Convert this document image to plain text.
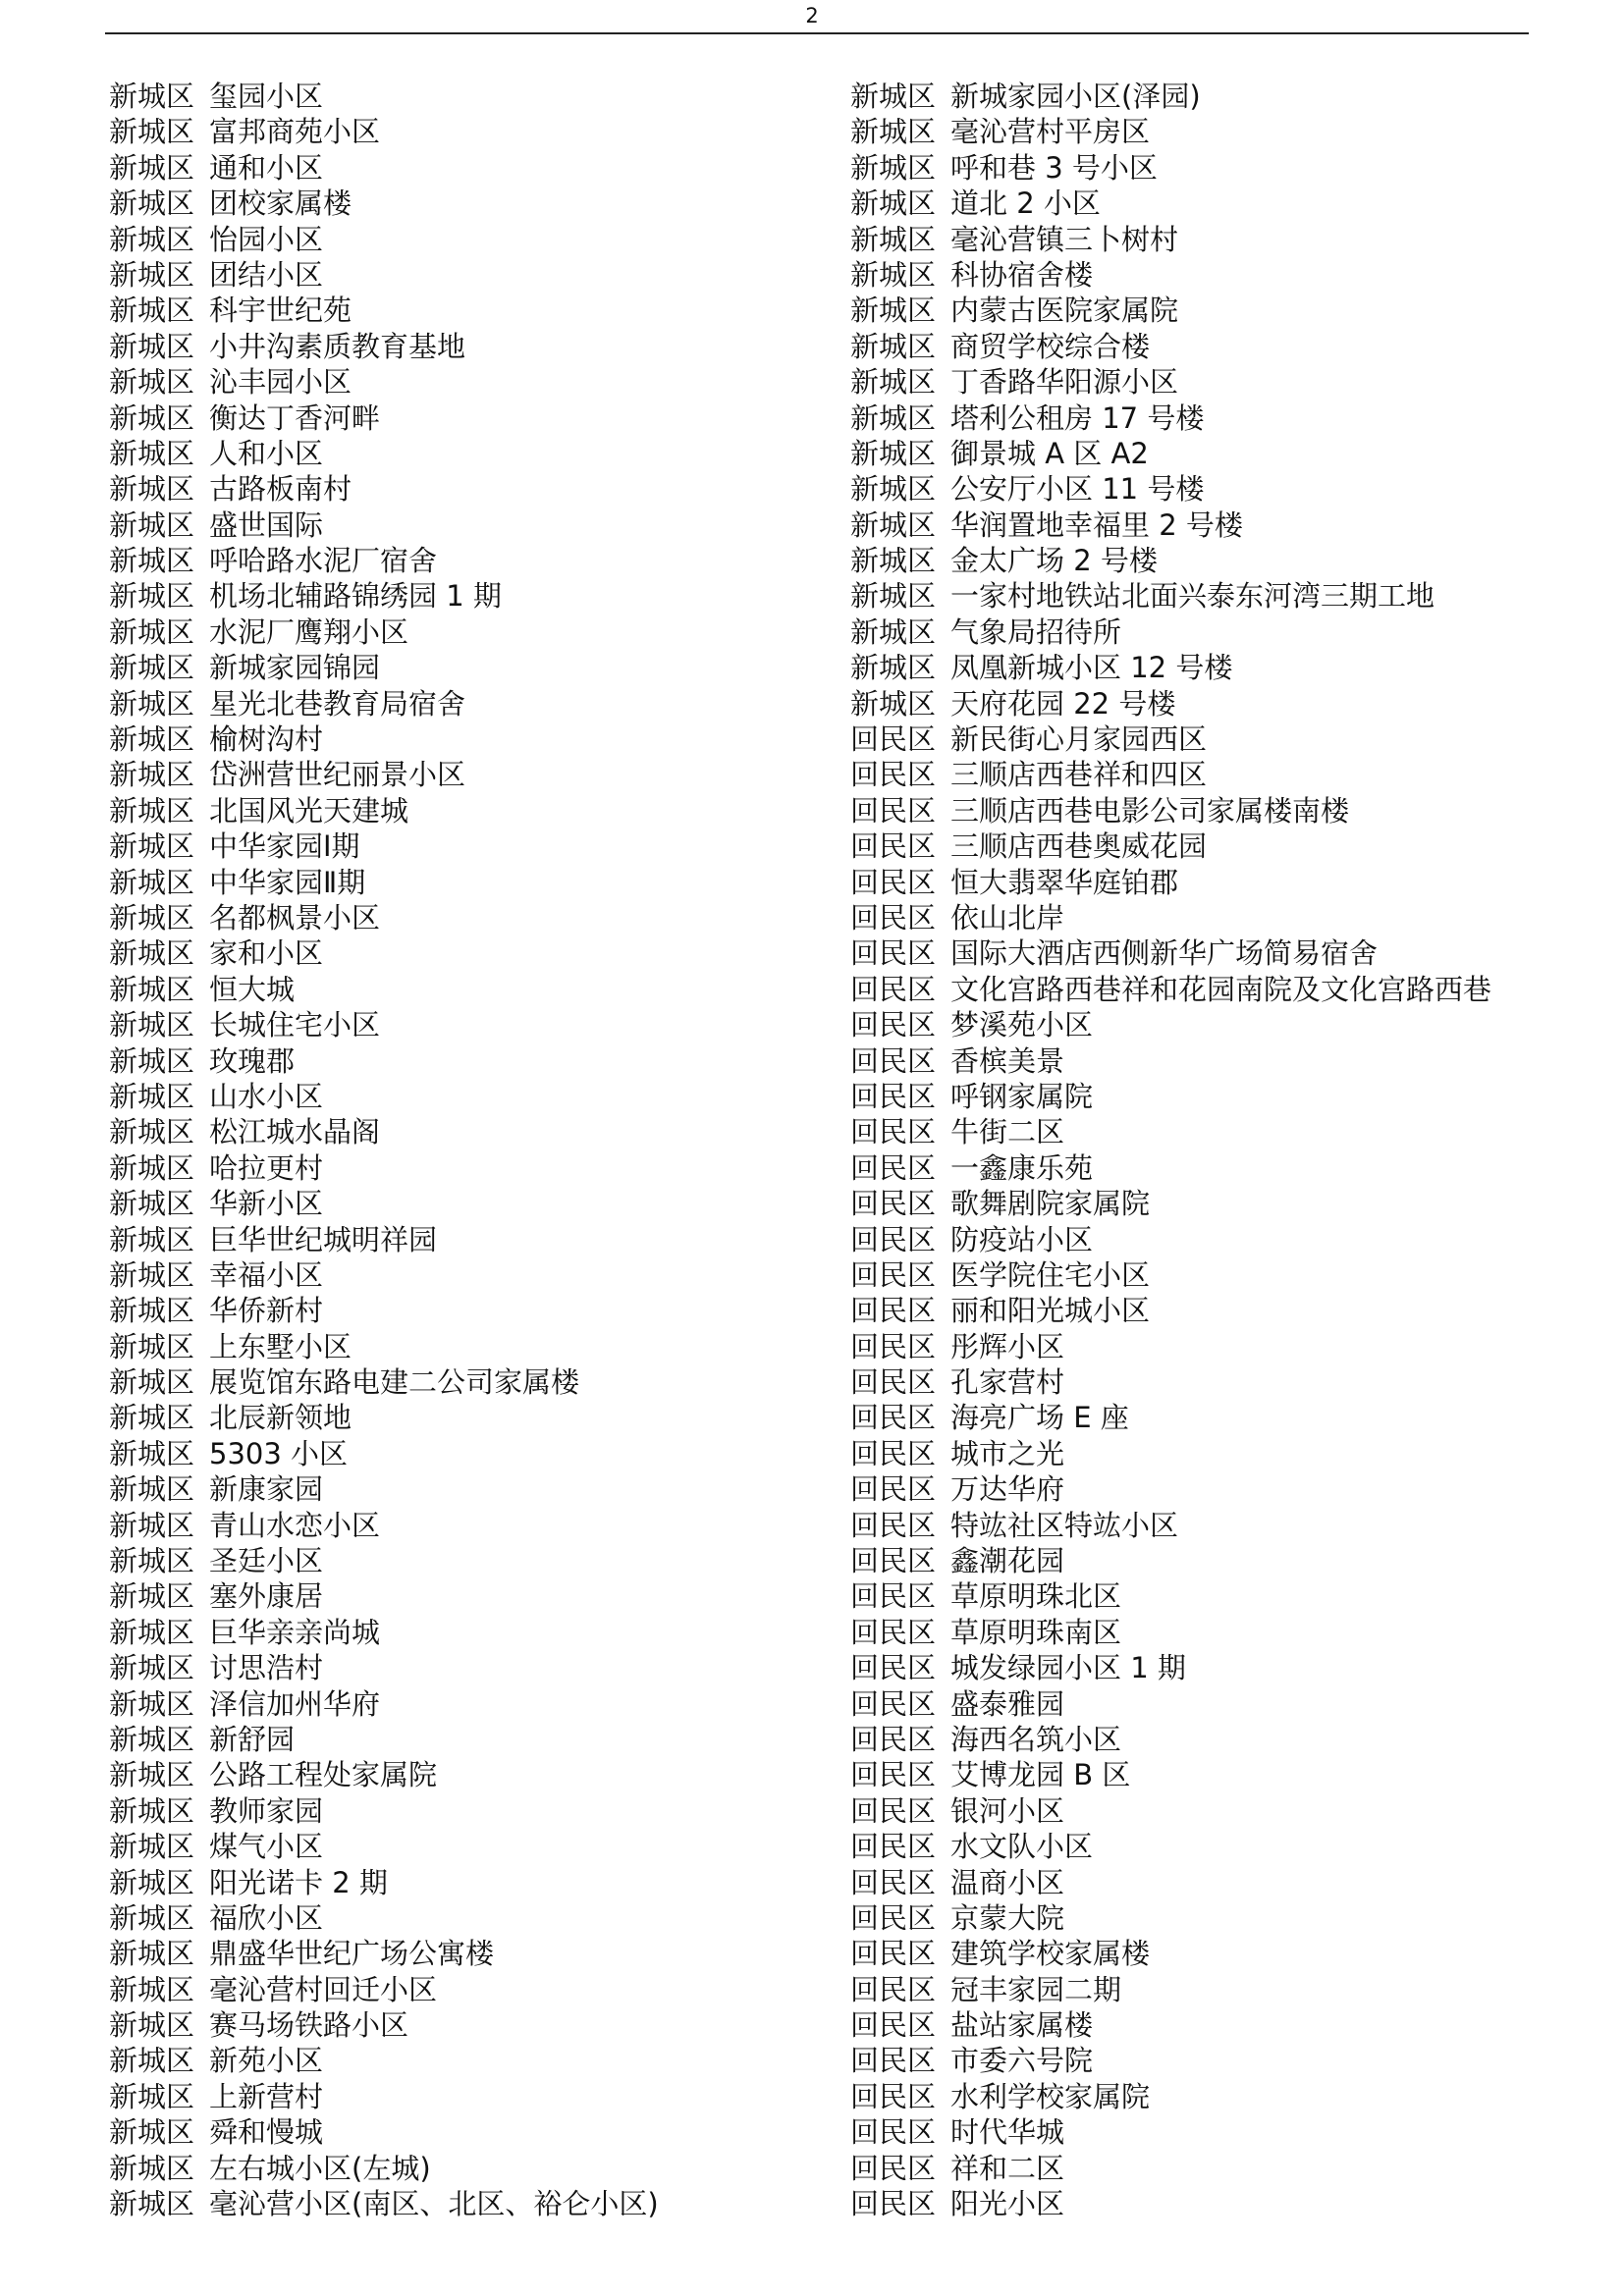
2
新城区 玺园小区
新城区 富邦商苑小区
新城区 通和小区
新城区 团校家属楼
新城区 怡园小区
新城区 团结小区
新城区 科宇世纪苑
新城区 小井沟素质教育基地
新城区 沁丰园小区
新城区 衡达丁香河畔
新城区 人和小区
新城区 古路板南村
新城区 盛世国际
新城区 呼哈路水泥厂宿舍
新城区 机场北辅路锦绣园 1 期
新城区 水泥厂鹰翔小区
新城区 新城家园锦园
新城区 星光北巷教育局宿舍
新城区 榆树沟村
新城区 岱洲营世纪丽景小区
新城区 北国风光天建城
新城区 中华家园Ⅰ期
新城区 中华家园Ⅱ期
新城区 名都枫景小区
新城区 家和小区
新城区 恒大城
新城区 长城住宅小区
新城区 玫瑰郡
新城区 山水小区
新城区 松江城水晶阁
新城区 哈拉更村
新城区 华新小区
新城区 巨华世纪城明祥园
新城区 幸福小区
新城区 华侨新村
新城区 上东墅小区
新城区 展览馆东路电建二公司家属楼
新城区 北辰新领地
新城区 5303 小区
新城区 新康家园
新城区 青山水恋小区
新城区 圣廷小区
新城区 塞外康居
新城区 巨华亲亲尚城
新城区 讨思浩村
新城区 泽信加州华府
新城区 新舒园
新城区 公路工程处家属院
新城区 教师家园
新城区 煤气小区
新城区 阳光诺卡 2 期
新城区 福欣小区
新城区 鼎盛华世纪广场公寓楼
新城区 毫沁营村回迁小区
新城区 赛马场铁路小区
新城区 新苑小区
新城区 上新营村
新城区 舜和慢城
新城区 左右城小区(左城)
新城区 毫沁营小区(南区、北区、裕仑小区)
新城区 新城家园小区(泽园)
新城区 毫沁营村平房区
新城区 呼和巷 3 号小区
新城区 道北 2 小区
新城区 毫沁营镇三卜树村
新城区 科协宿舍楼
新城区 内蒙古医院家属院
新城区 商贸学校综合楼
新城区 丁香路华阳源小区
新城区 塔利公租房 17 号楼
新城区 御景城 A 区 A2
新城区 公安厅小区 11 号楼
新城区 华润置地幸福里 2 号楼
新城区 金太广场 2 号楼
新城区 一家村地铁站北面兴泰东河湾三期工地
新城区 气象局招待所
新城区 凤凰新城小区 12 号楼
新城区 天府花园 22 号楼
回民区 新民街心月家园西区
回民区 三顺店西巷祥和四区
回民区 三顺店西巷电影公司家属楼南楼
回民区 三顺店西巷奥威花园
回民区 恒大翡翠华庭铂郡
回民区 依山北岸
回民区 国际大酒店西侧新华广场简易宿舍
回民区 文化宫路西巷祥和花园南院及文化宫路西巷
回民区 梦溪苑小区
回民区 香槟美景
回民区 呼钢家属院
回民区 牛街二区
回民区 一鑫康乐苑
回民区 歌舞剧院家属院
回民区 防疫站小区
回民区 医学院住宅小区
回民区 丽和阳光城小区
回民区 彤辉小区
回民区 孔家营村
回民区 海亮广场 E 座
回民区 城市之光
回民区 万达华府
回民区 特竑社区特竑小区
回民区 鑫潮花园
回民区 草原明珠北区
回民区 草原明珠南区
回民区 城发绿园小区 1 期
回民区 盛泰雅园
回民区 海西名筑小区
回民区 艾博龙园 B 区
回民区 银河小区
回民区 水文队小区
回民区 温商小区
回民区 京蒙大院
回民区 建筑学校家属楼
回民区 冠丰家园二期
回民区 盐站家属楼
回民区 市委六号院
回民区 水利学校家属院
回民区 时代华城
回民区 祥和二区
回民区 阳光小区
